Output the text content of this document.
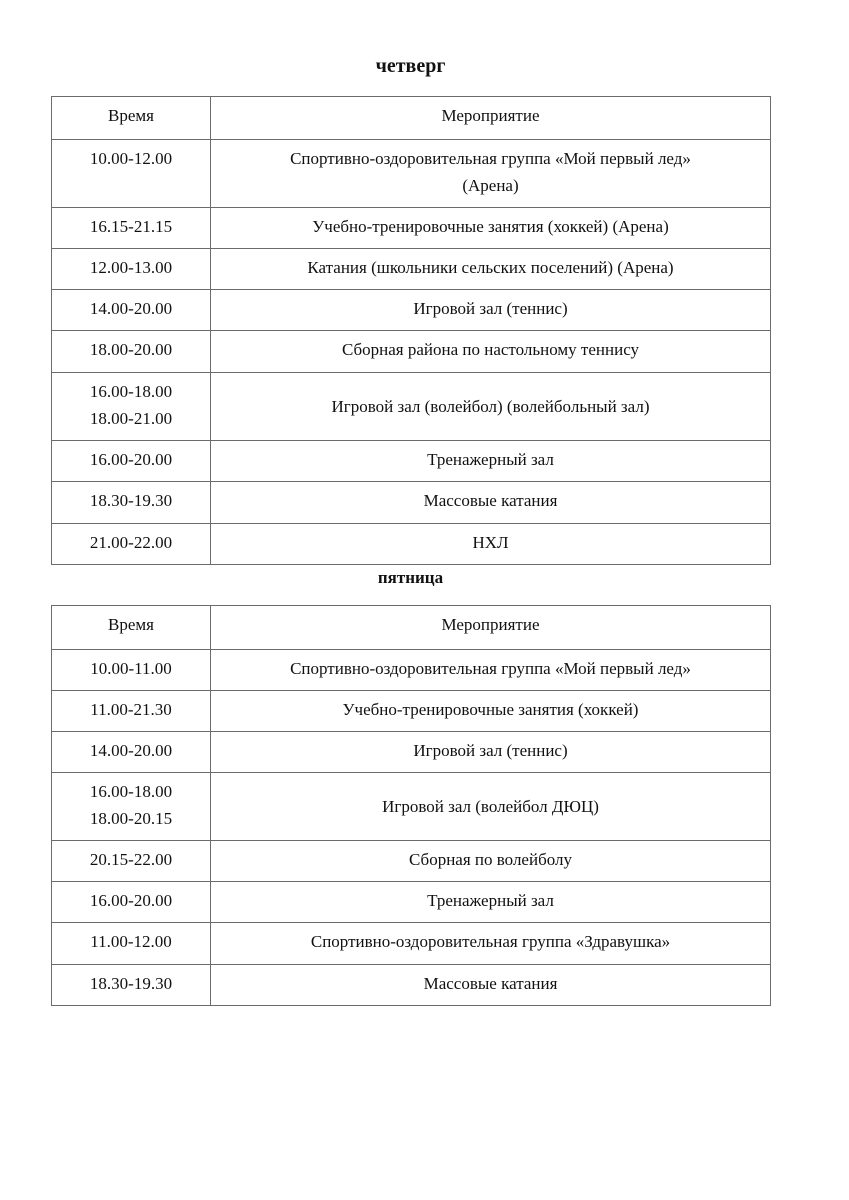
четверг
Время	Мероприятие

10.00-12.00	Спортивно-оздоровительная группа «Мой первый лед»
(Арена)

16.15-21.15	Учебно-тренировочные занятия (хоккей) (Арена)

12.00-13.00	Катания (школьники сельских поселений) (Арена)

14.00-20.00	Игровой зал (теннис)

18.00-20.00	Сборная района по настольному теннису

16.00-18.00
18.00-21.00	Игровой зал (волейбол) (волейбольный зал)

16.00-20.00	Тренажерный зал

18.30-19.30	Массовые катания

21.00-22.00	НХЛ
пятница
Время	Мероприятие

10.00-11.00	Спортивно-оздоровительная группа «Мой первый лед»

11.00-21.30	Учебно-тренировочные занятия (хоккей)

14.00-20.00	Игровой зал (теннис)

16.00-18.00
18.00-20.15	Игровой зал (волейбол ДЮЦ)

20.15-22.00	Сборная по волейболу

16.00-20.00	Тренажерный зал

11.00-12.00	Спортивно-оздоровительная группа «Здравушка»

18.30-19.30	Массовые катания
